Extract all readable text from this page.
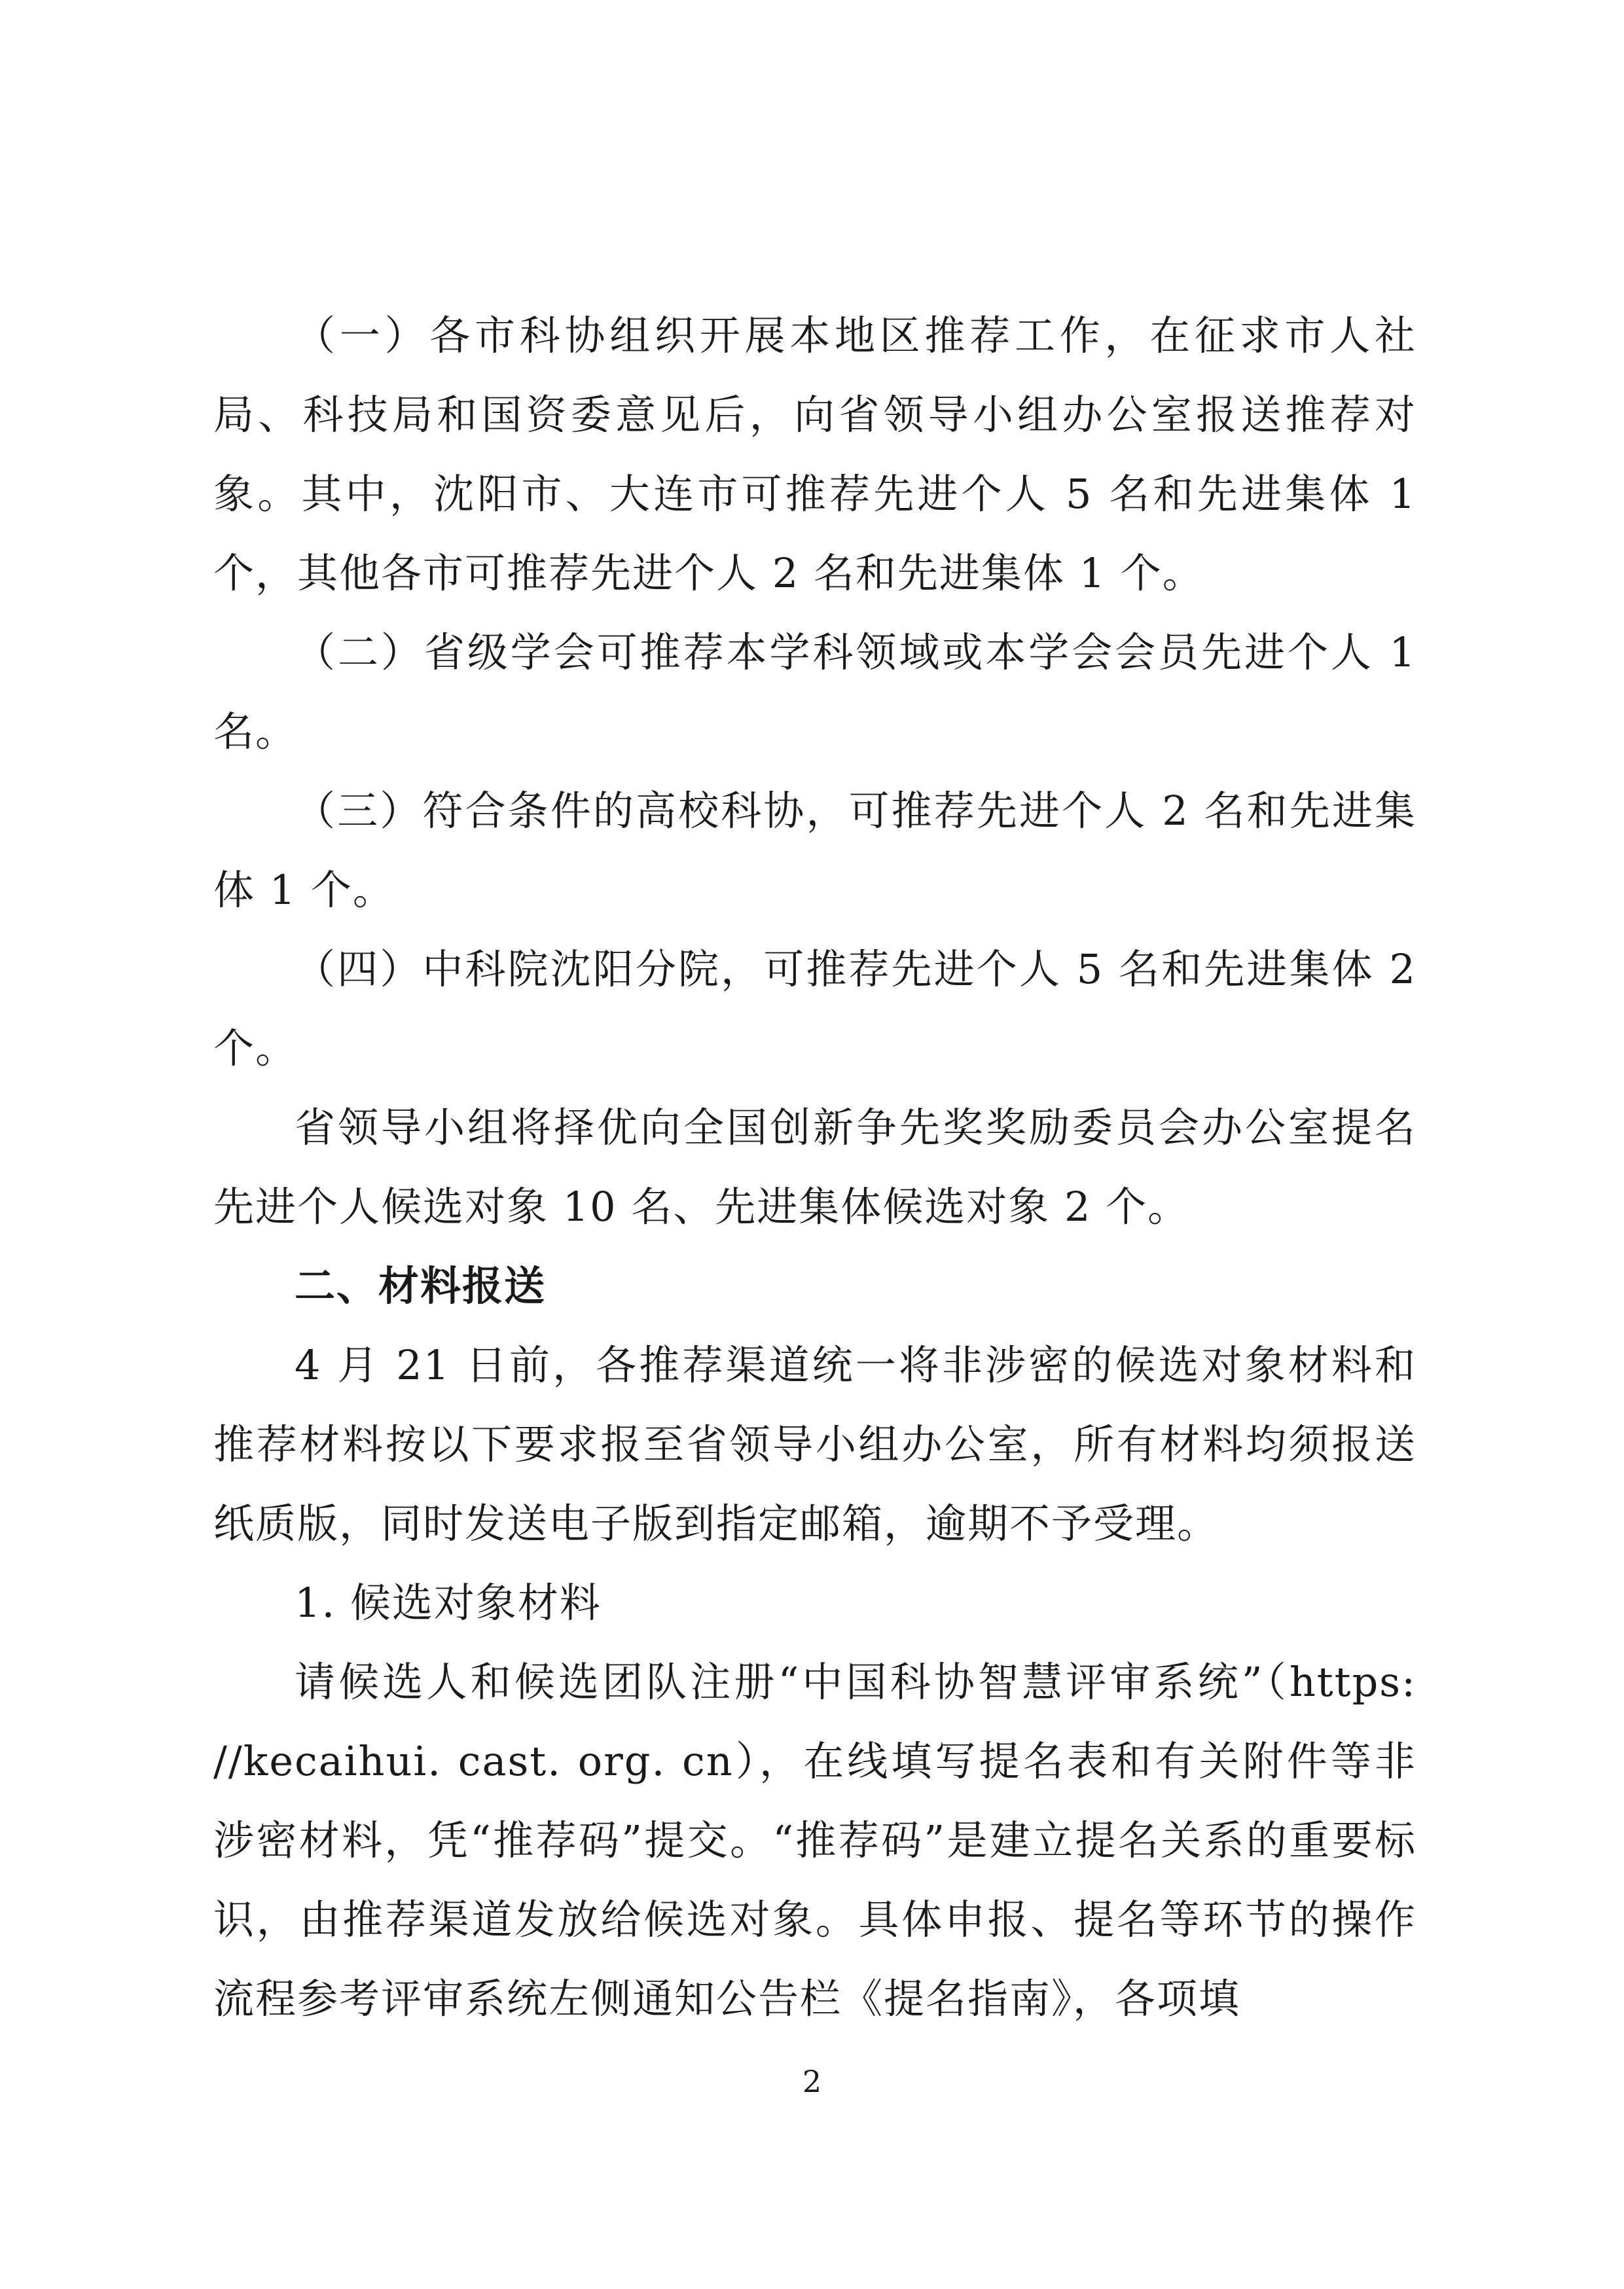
（一）各市科协组织开展本地区推荐工作，在征求市人社局、科技局和国资委意见后，向省领导小组办公室报送推荐对象。其中，沈阳市、大连市可推荐先进个人 5 名和先进集体 1 个，其他各市可推荐先进个人 2 名和先进集体 1 个。

（二）省级学会可推荐本学科领域或本学会会员先进个人 1 名。

（三）符合条件的高校科协，可推荐先进个人 2 名和先进集体 1 个。

（四）中科院沈阳分院，可推荐先进个人 5 名和先进集体 2 个。

省领导小组将择优向全国创新争先奖奖励委员会办公室提名先进个人候选对象 10 名、先进集体候选对象 2 个。

二、材料报送

4 月 21 日前，各推荐渠道统一将非涉密的候选对象材料和推荐材料按以下要求报至省领导小组办公室，所有材料均须报送纸质版，同时发送电子版到指定邮箱，逾期不予受理。

1. 候选对象材料

请候选人和候选团队注册“中国科协智慧评审系统”（https: //kecaihui. cast. org. cn），在线填写提名表和有关附件等非涉密材料，凭“推荐码”提交。“推荐码”是建立提名关系的重要标识，由推荐渠道发放给候选对象。具体申报、提名等环节的操作流程参考评审系统左侧通知公告栏《提名指南》，各项填

2
